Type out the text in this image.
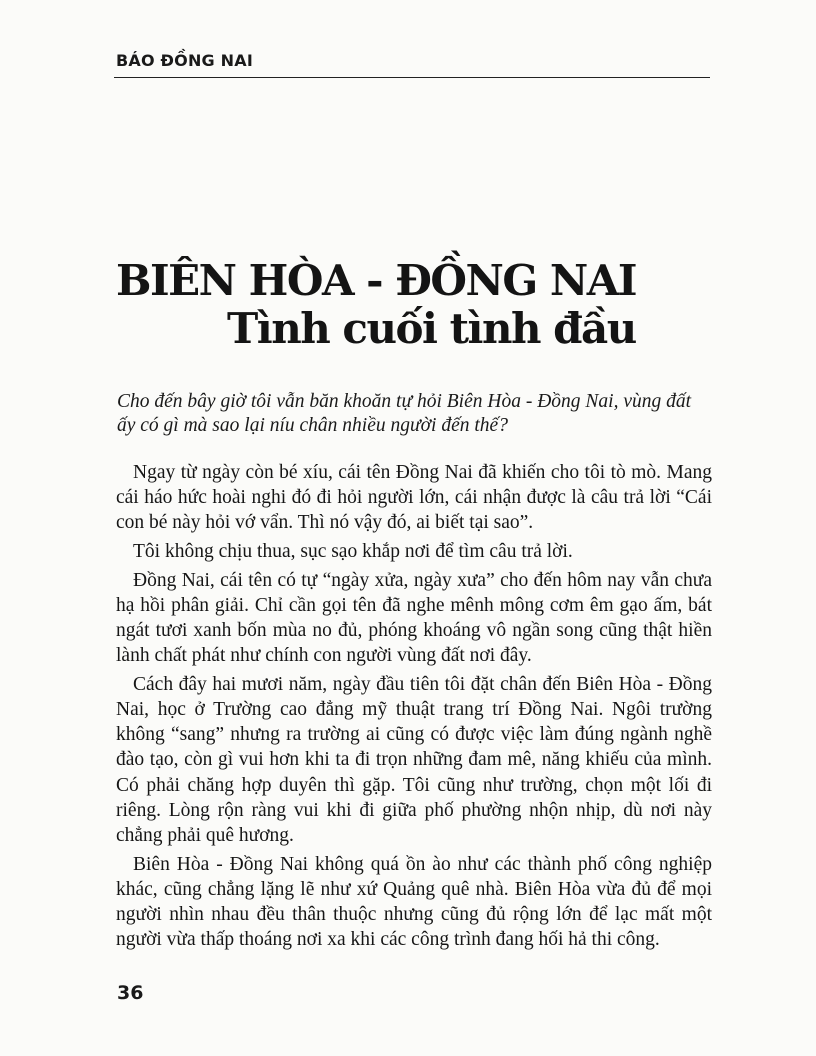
BÁO ĐỒNG NAI
BIÊN HÒA - ĐỒNG NAI
Tình cuối tình đầu
Cho đến bây giờ tôi vẫn băn khoăn tự hỏi Biên Hòa - Đồng Nai, vùng đất ấy có gì mà sao lại níu chân nhiều người đến thế?

Ngay từ ngày còn bé xíu, cái tên Đồng Nai đã khiến cho tôi tò mò. Mang cái háo hức hoài nghi đó đi hỏi người lớn, cái nhận được là câu trả lời “Cái con bé này hỏi vớ vẩn. Thì nó vậy đó, ai biết tại sao”.

Tôi không chịu thua, sục sạo khắp nơi để tìm câu trả lời.

Đồng Nai, cái tên có tự “ngày xửa, ngày xưa” cho đến hôm nay vẫn chưa hạ hồi phân giải. Chỉ cần gọi tên đã nghe mênh mông cơm êm gạo ấm, bát ngát tươi xanh bốn mùa no đủ, phóng khoáng vô ngần song cũng thật hiền lành chất phát như chính con người vùng đất nơi đây.

Cách đây hai mươi năm, ngày đầu tiên tôi đặt chân đến Biên Hòa - Đồng Nai, học ở Trường cao đẳng mỹ thuật trang trí Đồng Nai. Ngôi trường không “sang” nhưng ra trường ai cũng có được việc làm đúng ngành nghề đào tạo, còn gì vui hơn khi ta đi trọn những đam mê, năng khiếu của mình. Có phải chăng hợp duyên thì gặp. Tôi cũng như trường, chọn một lối đi riêng. Lòng rộn ràng vui khi đi giữa phố phường nhộn nhịp, dù nơi này chẳng phải quê hương.

Biên Hòa - Đồng Nai không quá ồn ào như các thành phố công nghiệp khác, cũng chẳng lặng lẽ như xứ Quảng quê nhà. Biên Hòa vừa đủ để mọi người nhìn nhau đều thân thuộc nhưng cũng đủ rộng lớn để lạc mất một người vừa thấp thoáng nơi xa khi các công trình đang hối hả thi công.

36
